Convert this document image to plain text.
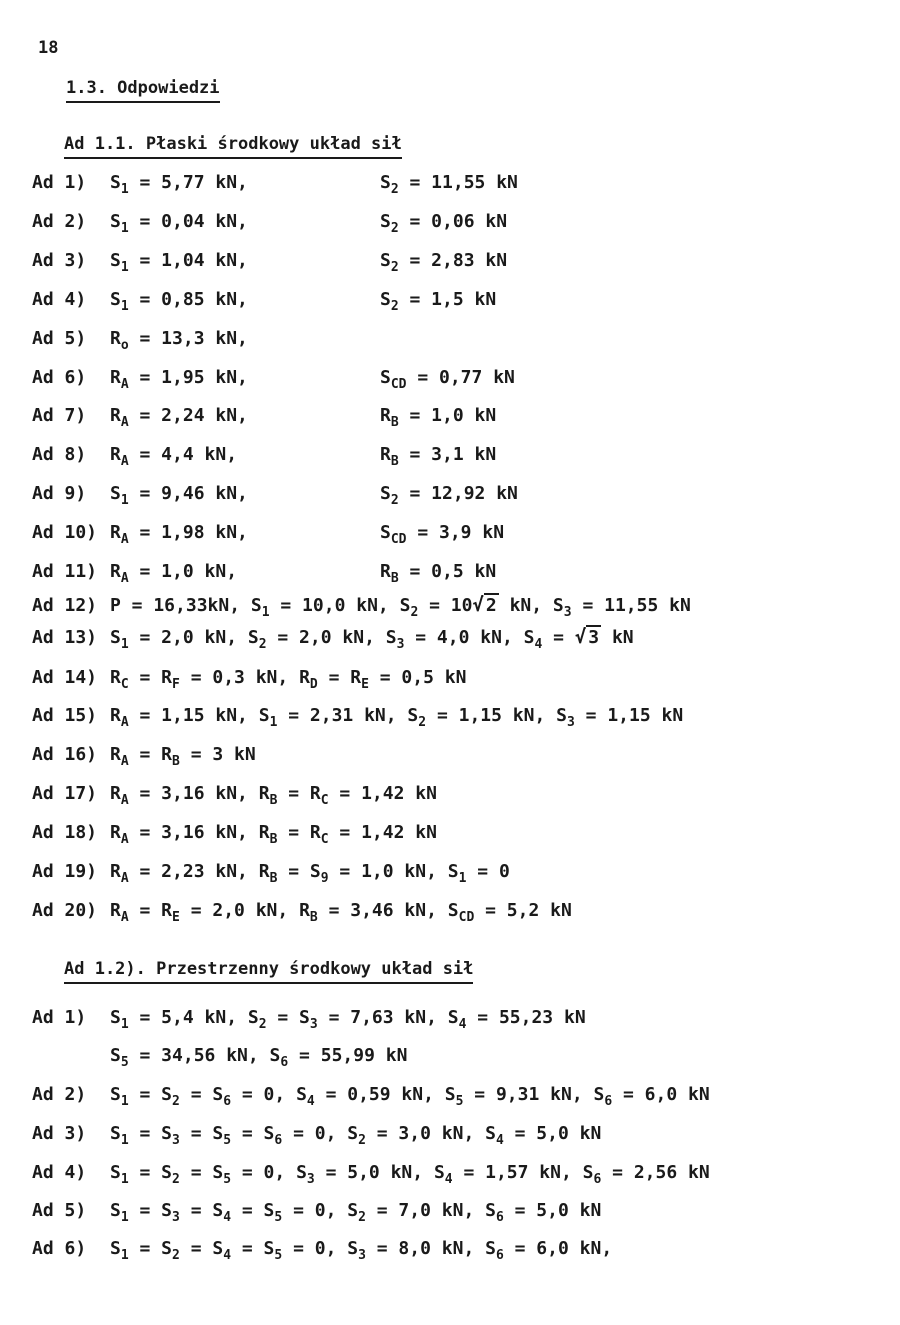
18
1.3. Odpowiedzi
Ad 1.1. Płaski środkowy układ sił
Ad 1) $S_1 = 5,77$ kN,	$S_2 = 11,55$ kN
Ad 2) $S_1 = 0,04$ kN,	$S_2 = 0,06$ kN
Ad 3) $S_1 = 1,04$ kN,	$S_2 = 2,83$ kN
Ad 4) $S_1 = 0,85$ kN,	$S_2 = 1,5$ kN
Ad 5) $R_o = 13,3$ kN,
Ad 6) $R_A = 1,95$ kN,	$S_{CD} = 0,77$ kN
Ad 7) $R_A = 2,24$ kN,	$R_B = 1,0$ kN
Ad 8) $R_A = 4,4$ kN,	$R_B = 3,1$ kN
Ad 9) $S_1 = 9,46$ kN,	$S_2 = 12,92$ kN
Ad 10) $R_A = 1,98$ kN,	$S_{CD} = 3,9$ kN
Ad 11) $R_A = 1,0$ kN,	$R_B = 0,5$ kN
Ad 12) P = 16,33kN, $S_1 = 10,0$ kN, $S_2 = 10√$ 2 kN, $S_3 = 11,55$ kN
Ad 13) $S_1 = 2,0$ kN, $S_2 = 2,0$ kN, $S_3 = 4,0$ kN, $S_4$ = √ 3 kN
Ad 14) $R_C = R_F = 0,3$ kN, $R_D = R_E = 0,5$ kN
Ad 15) $R_A = 1,15$ kN, $S_1 = 2,31$ kN, $S_2 = 1,15$ kN, $S_3 = 1,15$ kN
Ad 16) $R_A = R_B = 3$ kN
Ad 17) $R_A = 3,16$ kN, $R_B = R_C = 1,42$ kN
Ad 18) $R_A = 3,16$ kN, $R_B = R_C = 1,42$ kN
Ad 19) $R_A = 2,23$ kN, $R_B = S_9 = 1,0$ kN, $S_1 = 0$
Ad 20) $R_A = R_E = 2,0$ kN, $R_B = 3,46$ kN, $S_{CD} = 5,2$ kN
Ad 1.2). Przestrzenny środkowy układ sił
Ad 1) $S_1 = 5,4$ kN, $S_2 = S_3 = 7,63$ kN, $S_4 = 55,23$ kN
$S_5 = 34,56$ kN, $S_6 = 55,99$ kN
Ad 2) $S_1 = S_2 = S_6 = 0$, $S_4 = 0,59$ kN, $S_5 = 9,31$ kN, $S_6 = 6,0$ kN
Ad 3) $S_1 = S_3 = S_5 = S_6 = 0$, $S_2 = 3,0$ kN, $S_4 = 5,0$ kN
Ad 4) $S_1 = S_2 = S_5 = 0$, $S_3 = 5,0$ kN, $S_4 = 1,57$ kN, $S_6 = 2,56$ kN
Ad 5) $S_1 = S_3 = S_4 = S_5 = 0$, $S_2 = 7,0$ kN, $S_6 = 5,0$ kN
Ad 6) $S_1 = S_2 = S_4 = S_5 = 0$, $S_3 = 8,0$ kN, $S_6 = 6,0$ kN,
